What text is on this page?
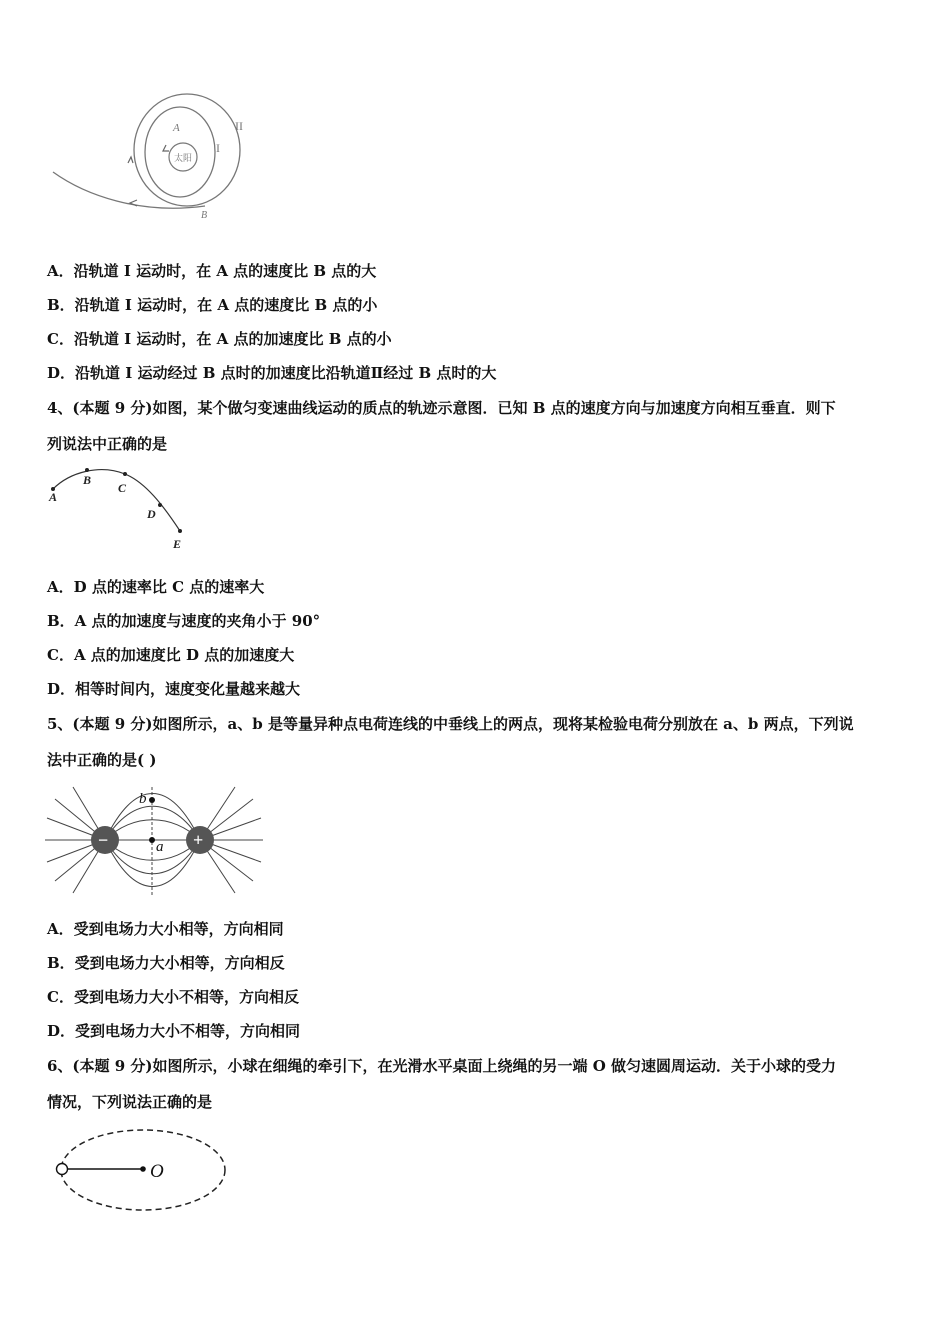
太阳
I
II
A
B
A．沿轨道 I 运动时，在 A 点的速度比 B 点的大
B．沿轨道 I 运动时，在 A 点的速度比 B 点的小
C．沿轨道 I 运动时，在 A 点的加速度比 B 点的小
D．沿轨道 I 运动经过 B 点时的加速度比沿轨道Ⅱ经过 B 点时的大
4、(本题 9 分)如图，某个做匀变速曲线运动的质点的轨迹示意图．已知 B 点的速度方向与加速度方向相互垂直．则下
列说法中正确的是
A
B
C
D
E
A．D 点的速率比 C 点的速率大
B．A 点的加速度与速度的夹角小于 90°
C．A 点的加速度比 D 点的加速度大
D．相等时间内，速度变化量越来越大
5、(本题 9 分)如图所示，a、b 是等量异种点电荷连线的中垂线上的两点，现将某检验电荷分别放在 a、b 两点，下列说
法中正确的是( )
−	+
b
a
A．受到电场力大小相等，方向相同
B．受到电场力大小相等，方向相反
C．受到电场力大小不相等，方向相反
D．受到电场力大小不相等，方向相同
6、(本题 9 分)如图所示，小球在细绳的牵引下，在光滑水平桌面上绕绳的另一端 O 做匀速圆周运动．关于小球的受力
情况，下列说法正确的是
O
